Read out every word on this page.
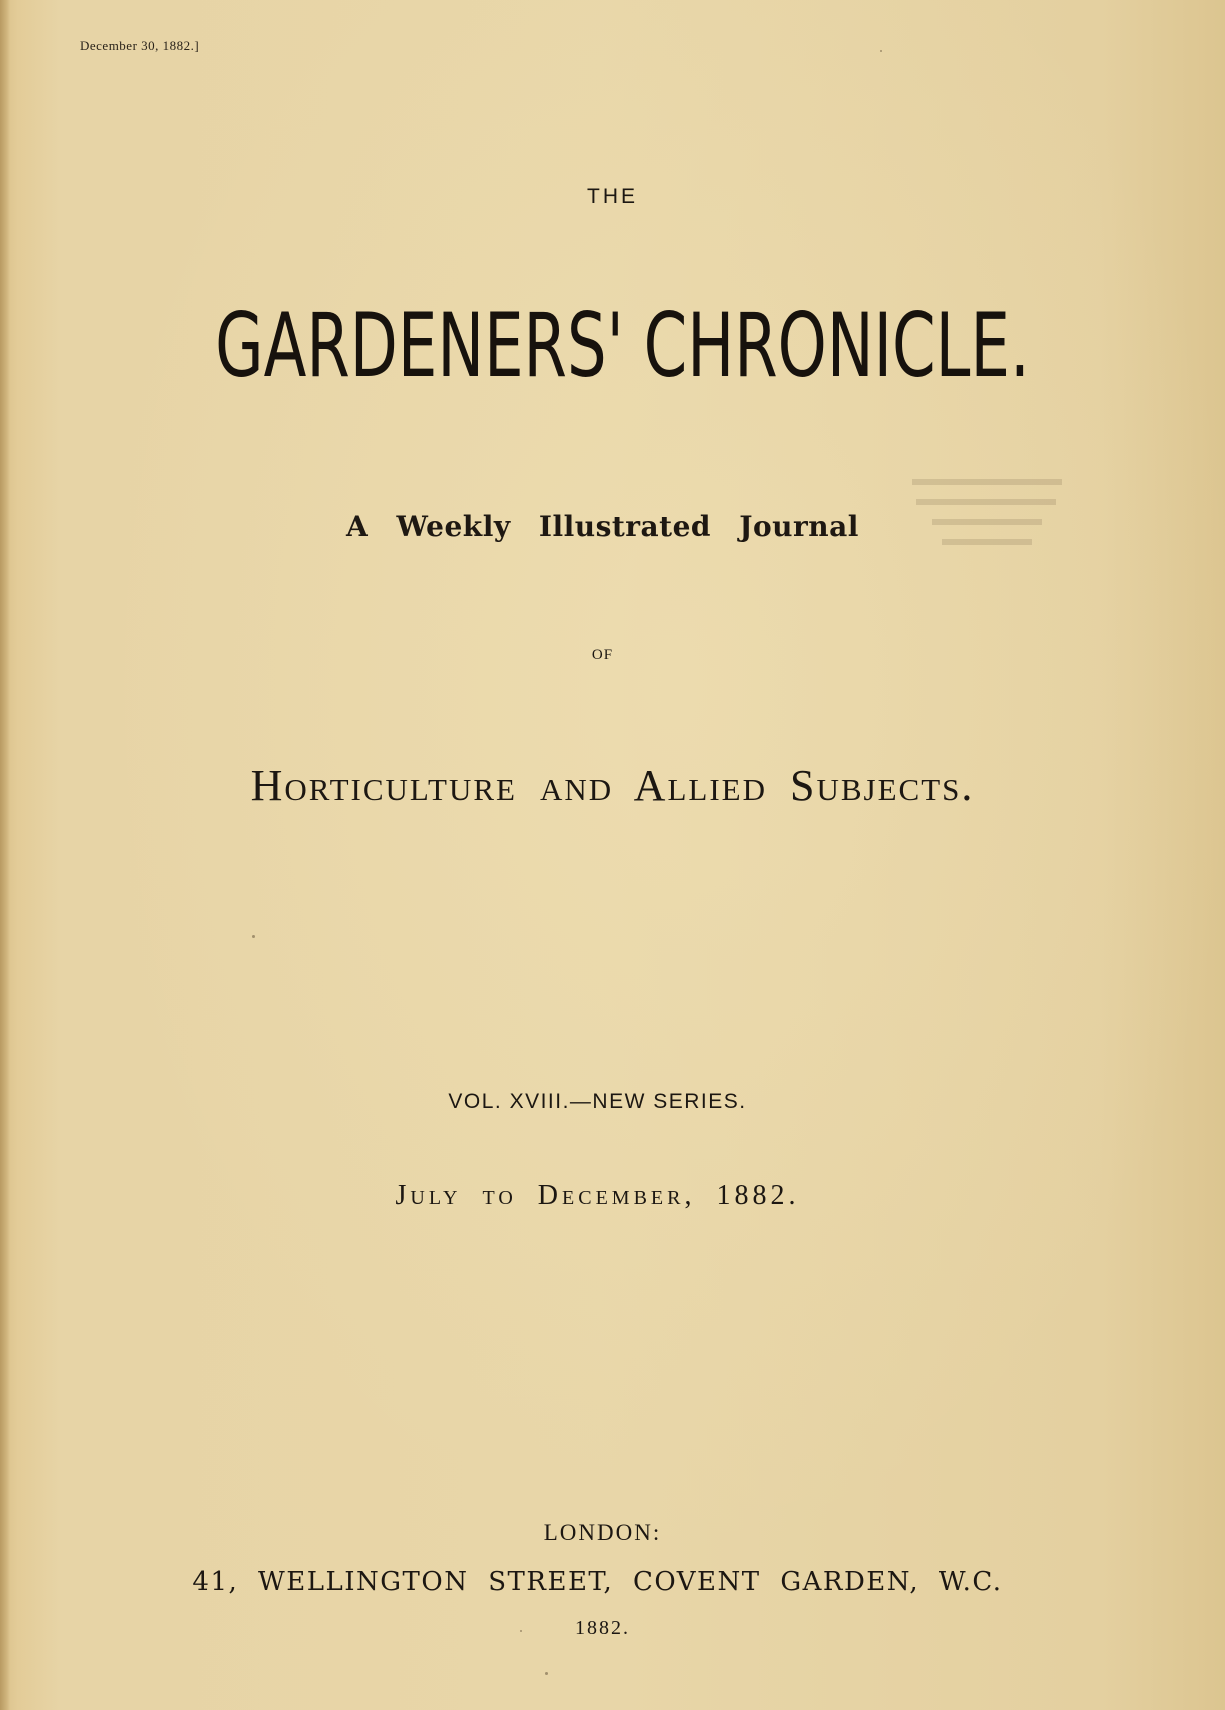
December 30, 1882.]

THE

GARDENERS' CHRONICLE.

A Weekly Illustrated Journal

OF

Horticulture and Allied Subjects.

VOL. XVIII.—NEW SERIES.

July to December, 1882.

LONDON:

41, WELLINGTON STREET, COVENT GARDEN, W.C.

1882.
